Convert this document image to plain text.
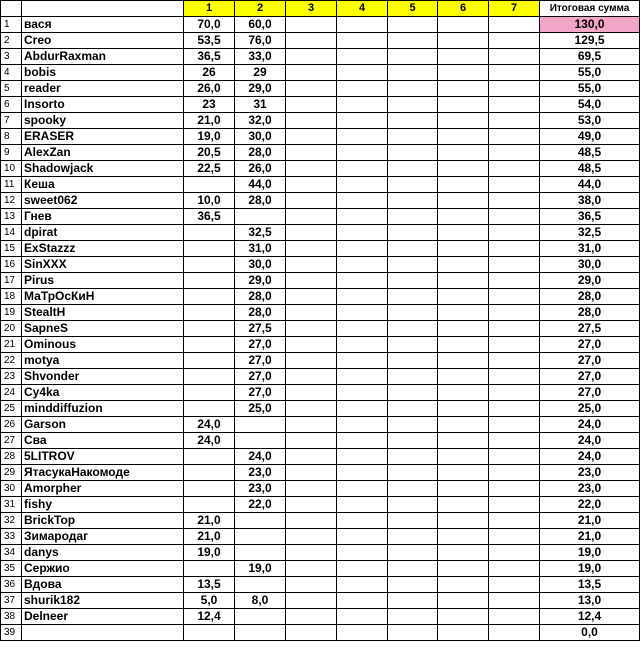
		1	2	3	4	5	6	7	Итоговая сумма
1	вася	70,0	60,0						130,0
2	Creo	53,5	76,0						129,5
3	AbdurRaxman	36,5	33,0						69,5
4	bobis	26	29						55,0
5	reader	26,0	29,0						55,0
6	Insorto	23	31						54,0
7	spooky	21,0	32,0						53,0
8	ERASER	19,0	30,0						49,0
9	AlexZan	20,5	28,0						48,5
10	Shadowjack	22,5	26,0						48,5
11	Кеша		44,0						44,0
12	sweet062	10,0	28,0						38,0
13	Гнев	36,5							36,5
14	dpirat		32,5						32,5
15	ExStazzz		31,0						31,0
16	SinXXX		30,0						30,0
17	Pirus		29,0						29,0
18	МаТрОсКиН		28,0						28,0
19	StealtH		28,0						28,0
20	SapneS		27,5						27,5
21	Ominous		27,0						27,0
22	motya		27,0						27,0
23	Shvonder		27,0						27,0
24	Cy4ka		27,0						27,0
25	minddiffuzion		25,0						25,0
26	Garson	24,0							24,0
27	Сва	24,0							24,0
28	5LITROV		24,0						24,0
29	ЯтасукаНакомоде		23,0						23,0
30	Amorpher		23,0						23,0
31	fishy		22,0						22,0
32	BrickTop	21,0							21,0
33	Зимародаг	21,0							21,0
34	danys	19,0							19,0
35	Сержио		19,0						19,0
36	Вдова	13,5							13,5
37	shurik182	5,0	8,0						13,0
38	Delneer	12,4							12,4
39									0,0
